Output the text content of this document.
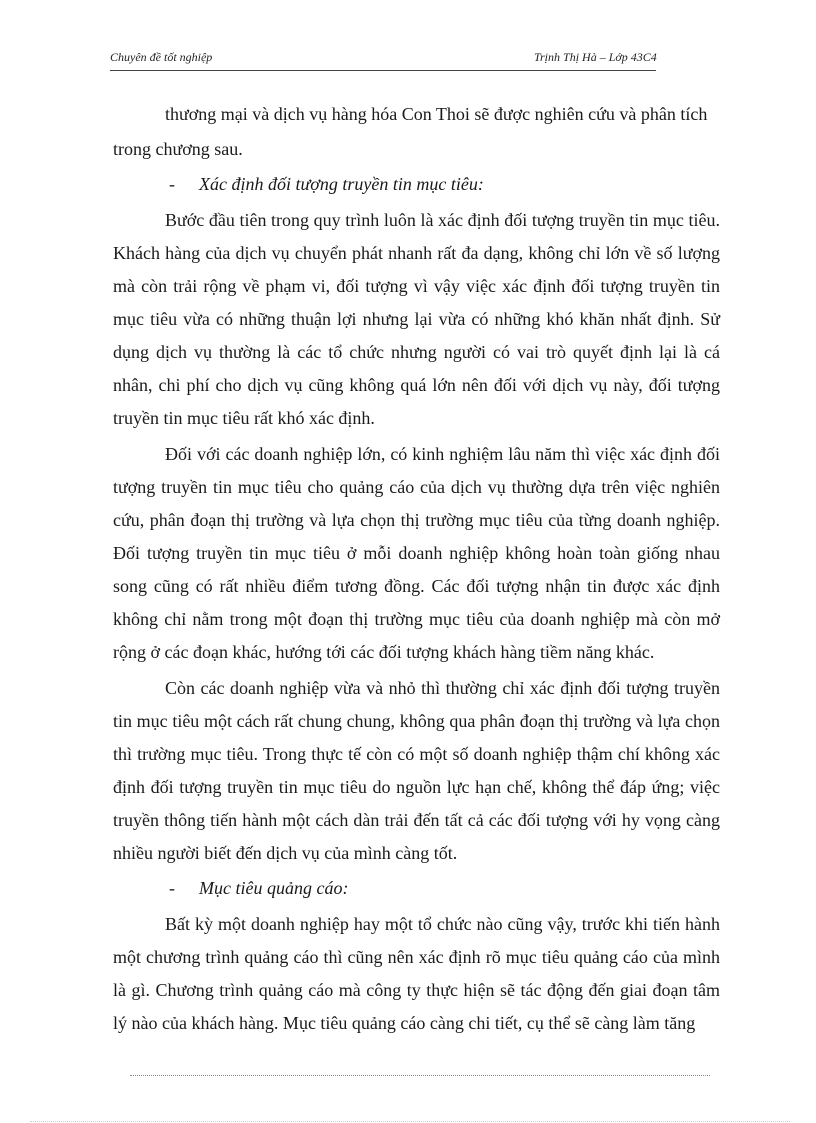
Chuyên đề tốt nghiệp	Trịnh Thị Hà – Lớp 43C4

thương mại và dịch vụ hàng hóa Con Thoi sẽ được nghiên cứu và phân tích

trong chương sau.

-	Xác định đối tượng truyền tin mục tiêu:

Bước đầu tiên trong quy trình luôn là xác định đối tượng truyền tin mục tiêu. Khách hàng của dịch vụ chuyển phát nhanh rất đa dạng, không chỉ lớn về số lượng mà còn trải rộng về phạm vi, đối tượng vì vậy việc xác định đối tượng truyền tin mục tiêu vừa có những thuận lợi nhưng lại vừa có những khó khăn nhất định. Sử dụng dịch vụ thường là các tổ chức nhưng người có vai trò quyết định lại là cá nhân, chi phí cho dịch vụ cũng không quá lớn nên đối với dịch vụ này, đối tượng truyền tin mục tiêu rất khó xác định.

Đối với các doanh nghiệp lớn, có kinh nghiệm lâu năm thì việc xác định đối tượng truyền tin mục tiêu cho quảng cáo của dịch vụ thường dựa trên việc nghiên cứu, phân đoạn thị trường và lựa chọn thị trường mục tiêu của từng doanh nghiệp. Đối tượng truyền tin mục tiêu ở mỗi doanh nghiệp không hoàn toàn giống nhau song cũng có rất nhiều điểm tương đồng. Các đối tượng nhận tin được xác định không chỉ nằm trong một đoạn thị trường mục tiêu của doanh nghiệp mà còn mở rộng ở các đoạn khác, hướng tới các đối tượng khách hàng tiềm năng khác.

Còn các doanh nghiệp vừa và nhỏ thì thường chỉ xác định đối tượng truyền tin mục tiêu một cách rất chung chung, không qua phân đoạn thị trường và lựa chọn thì trường mục tiêu. Trong thực tế còn có một số doanh nghiệp thậm chí không xác định đối tượng truyền tin mục tiêu do nguồn lực hạn chế, không thể đáp ứng; việc truyền thông tiến hành một cách dàn trải đến tất cả các đối tượng với hy vọng càng nhiều người biết đến dịch vụ của mình càng tốt.

-	Mục tiêu quảng cáo:

Bất kỳ một doanh nghiệp hay một tổ chức nào cũng vậy, trước khi tiến hành một chương trình quảng cáo thì cũng nên xác định rõ mục tiêu quảng cáo của mình là gì. Chương trình quảng cáo mà công ty thực hiện sẽ tác động đến giai đoạn tâm lý nào của khách hàng. Mục tiêu quảng cáo càng chi tiết, cụ thể sẽ càng làm tăng
